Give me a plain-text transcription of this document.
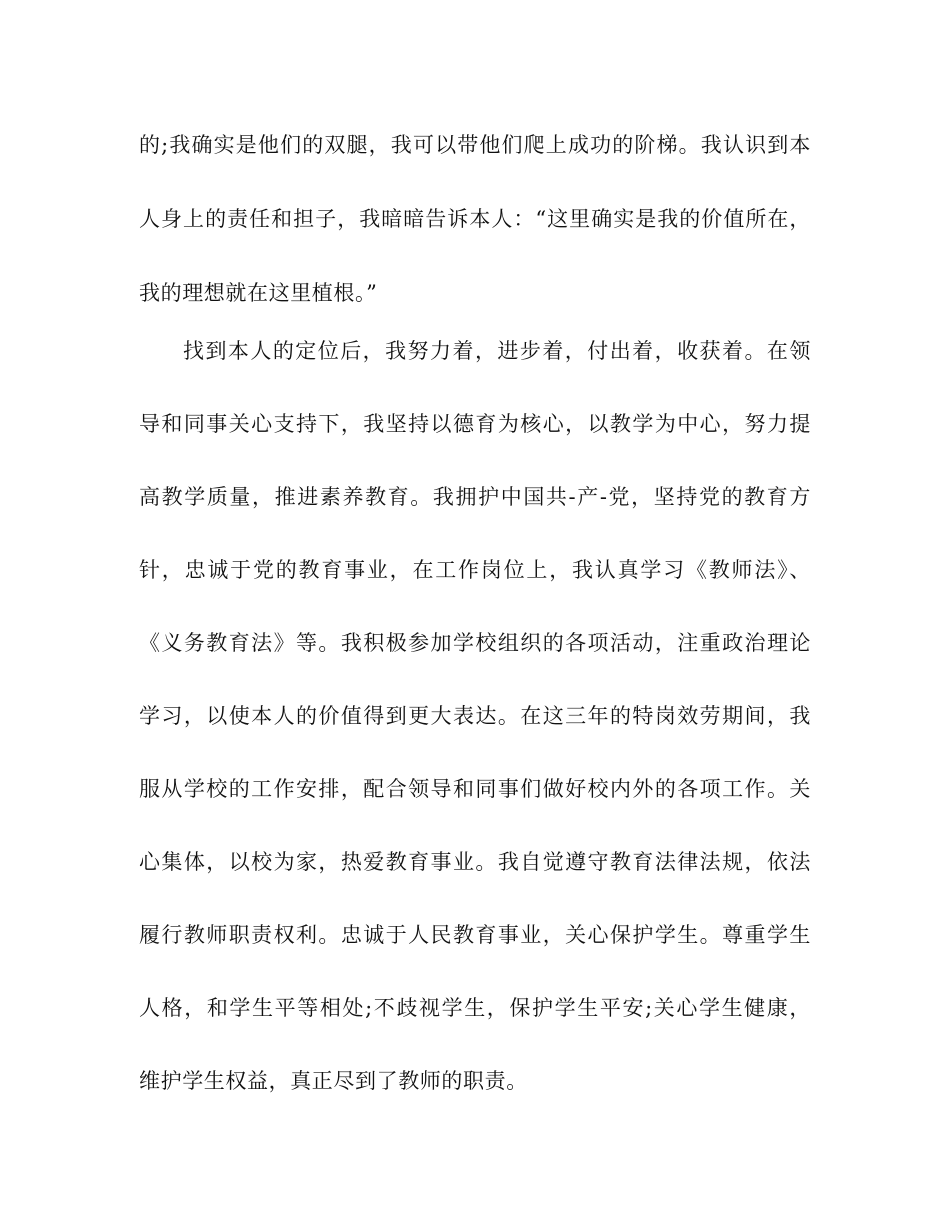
的;我确实是他们的双腿，我可以带他们爬上成功的阶梯。我认识到本
人身上的责任和担子，我暗暗告诉本人：“这里确实是我的价值所在，
我的理想就在这里植根。”
找到本人的定位后，我努力着，进步着，付出着，收获着。在领
导和同事关心支持下，我坚持以德育为核心，以教学为中心，努力提
高教学质量，推进素养教育。我拥护中国共-产-党，坚持党的教育方
针，忠诚于党的教育事业，在工作岗位上，我认真学习《教师法》、
《义务教育法》等。我积极参加学校组织的各项活动，注重政治理论
学习，以使本人的价值得到更大表达。在这三年的特岗效劳期间，我
服从学校的工作安排，配合领导和同事们做好校内外的各项工作。关
心集体，以校为家，热爱教育事业。我自觉遵守教育法律法规，依法
履行教师职责权利。忠诚于人民教育事业，关心保护学生。尊重学生
人格，和学生平等相处;不歧视学生，保护学生平安;关心学生健康，
维护学生权益，真正尽到了教师的职责。
